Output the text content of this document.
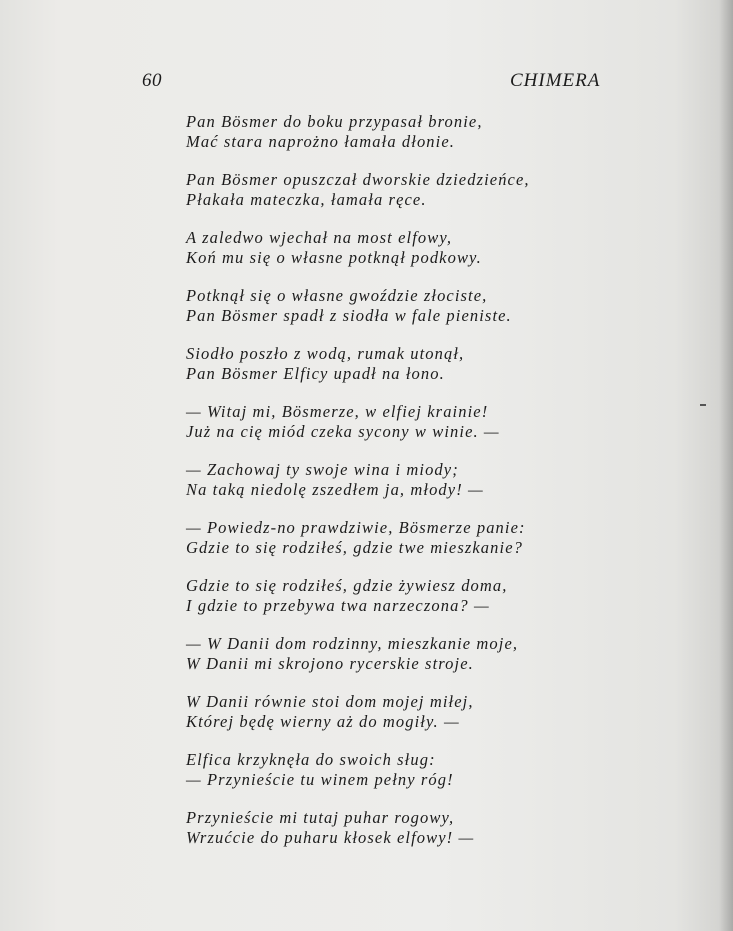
60	CHIMERA
Pan Bösmer do boku przypasał bronie,
Mać stara naprożno łamała dłonie.
Pan Bösmer opuszczał dworskie dziedzieńce,
Płakała mateczka, łamała ręce.
A zaledwo wjechał na most elfowy,
Koń mu się o własne potknął podkowy.
Potknął się o własne gwoździe złociste,
Pan Bösmer spadł z siodła w fale pieniste.
Siodło poszło z wodą, rumak utonął,
Pan Bösmer Elficy upadł na łono.
— Witaj mi, Bösmerze, w elfiej krainie!
Już na cię miód czeka sycony w winie. —
— Zachowaj ty swoje wina i miody;
Na taką niedolę zszedłem ja, młody! —
— Powiedz-no prawdziwie, Bösmerze panie:
Gdzie to się rodziłeś, gdzie twe mieszkanie?
Gdzie to się rodziłeś, gdzie żywiesz doma,
I gdzie to przebywa twa narzeczona? —
— W Danii dom rodzinny, mieszkanie moje,
W Danii mi skrojono rycerskie stroje.
W Danii równie stoi dom mojej miłej,
Której będę wierny aż do mogiły. —
Elfica krzyknęła do swoich sług:
— Przynieście tu winem pełny róg!
Przynieście mi tutaj puhar rogowy,
Wrzućcie do puharu kłosek elfowy! —
